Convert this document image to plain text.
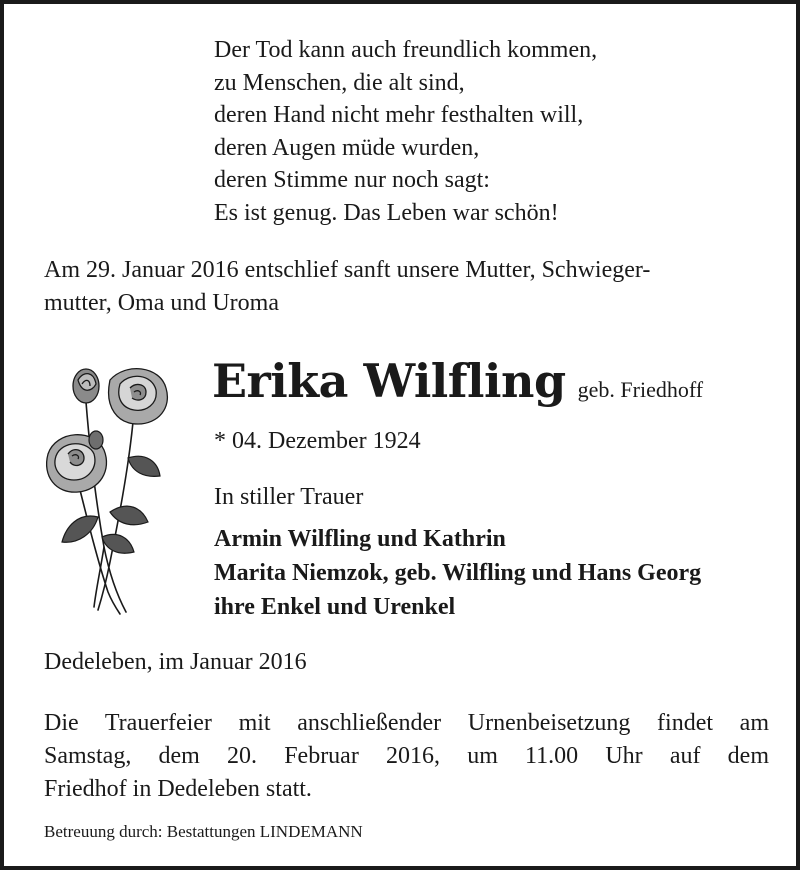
Der Tod kann auch freundlich kommen,
zu Menschen, die alt sind,
deren Hand nicht mehr festhalten will,
deren Augen müde wurden,
deren Stimme nur noch sagt:
Es ist genug. Das Leben war schön!
Am 29. Januar 2016 entschlief sanft unsere Mutter, Schwieger-
mutter, Oma und Uroma
Erika Wilfling geb. Friedhoff
* 04. Dezember 1924
In stiller Trauer
Armin Wilfling und Kathrin
Marita Niemzok, geb. Wilfling und Hans Georg
ihre Enkel und Urenkel
Dedeleben, im Januar 2016
Die Trauerfeier mit anschließender Urnenbeisetzung findet am
Samstag, dem 20. Februar 2016, um 11.00 Uhr auf dem
Friedhof in Dedeleben statt.
Betreuung durch: Bestattungen LINDEMANN
